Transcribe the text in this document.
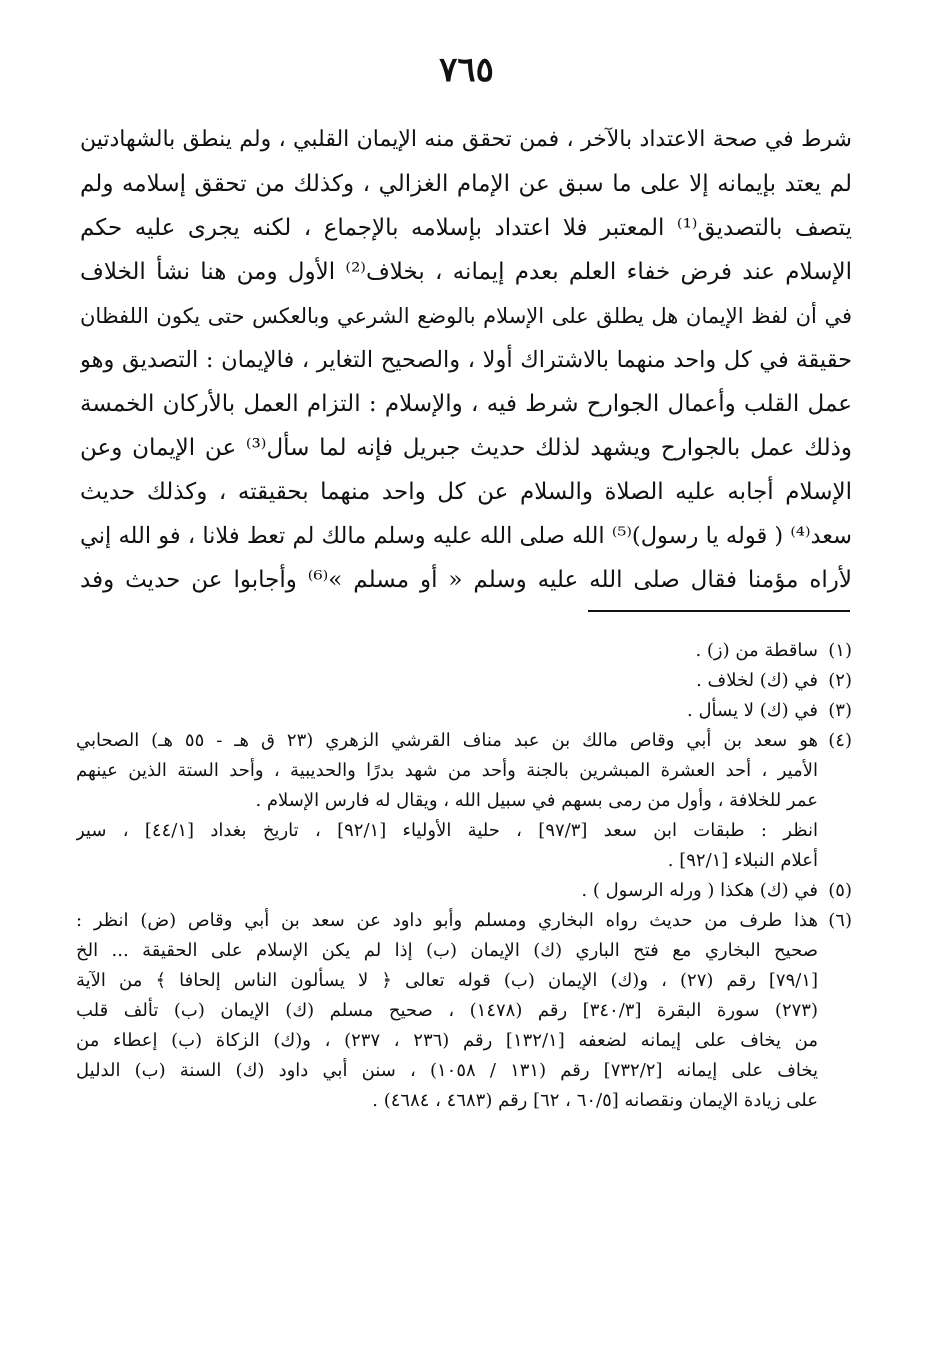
٧٦٥
شرط في صحة الاعتداد بالآخر ، فمن تحقق منه الإيمان القلبي ، ولم ينطق بالشهادتين
لم يعتد بإيمانه إلا على ما سبق عن الإمام الغزالي ، وكذلك من تحقق إسلامه ولم
يتصف بالتصديق⁽¹⁾ المعتبر فلا اعتداد بإسلامه بالإجماع ، لكنه يجرى عليه حكم
الإسلام عند فرض خفاء العلم بعدم إيمانه ، بخلاف⁽²⁾ الأول ومن هنا نشأ الخلاف
في أن لفظ الإيمان هل يطلق على الإسلام بالوضع الشرعي وبالعكس حتى يكون اللفظان
حقيقة في كل واحد منهما بالاشتراك أولا ، والصحيح التغاير ، فالإيمان : التصديق وهو
عمل القلب وأعمال الجوارح شرط فيه ، والإسلام : التزام العمل بالأركان الخمسة
وذلك عمل بالجوارح ويشهد لذلك حديث جبريل فإنه لما سأل⁽³⁾ عن الإيمان وعن
الإسلام أجابه عليه الصلاة والسلام عن كل واحد منهما بحقيقته ، وكذلك حديث
سعد⁽⁴⁾ ( قوله يا رسول)⁽⁵⁾ الله صلى الله عليه وسلم مالك لم تعط فلانا ، فو الله إني
لأراه مؤمنا فقال صلى الله عليه وسلم « أو مسلم »⁽⁶⁾ وأجابوا عن حديث وفد
(١)
ساقطة من (ز) .
(٢)
في (ك) لخلاف .
(٣)
في (ك) لا يسأل .
(٤)
هو سعد بن أبي وقاص مالك بن عبد مناف القرشي الزهري (٢٣ ق هـ - ٥٥ هـ) الصحابي
الأمير ، أحد العشرة المبشرين بالجنة وأحد من شهد بدرًا والحديبية ، وأحد الستة الذين عينهم
عمر للخلافة ، وأول من رمى بسهم في سبيل الله ، ويقال له فارس الإسلام .
انظر : طبقات ابن سعد [٩٧/٣] ، حلية الأولياء [٩٢/١] ، تاريخ بغداد [٤٤/١] ، سير
أعلام النبلاء [٩٢/١] .
(٥)
في (ك) هكذا ( ورله الرسول ) .
(٦)
هذا طرف من حديث رواه البخاري ومسلم وأبو داود عن سعد بن أبي وقاص (ض) انظر :
صحيح البخاري مع فتح الباري (ك) الإيمان (ب) إذا لم يكن الإسلام على الحقيقة ... الخ
[٧٩/١] رقم (٢٧) ، و(ك) الإيمان (ب) قوله تعالى ﴿ لا يسألون الناس إلحافا ﴾ من الآية
(٢٧٣) سورة البقرة [٣٤٠/٣] رقم (١٤٧٨) ، صحيح مسلم (ك) الإيمان (ب) تألف قلب
من يخاف على إيمانه لضعفه [١٣٢/١] رقم (٢٣٦ ، ٢٣٧) ، و(ك) الزكاة (ب) إعطاء من
يخاف على إيمانه [٧٣٢/٢] رقم (١٣١ / ١٠٥٨) ، سنن أبي داود (ك) السنة (ب) الدليل
على زيادة الإيمان ونقصانه [٦٠/٥ ، ٦٢] رقم (٤٦٨٣ ، ٤٦٨٤) .
